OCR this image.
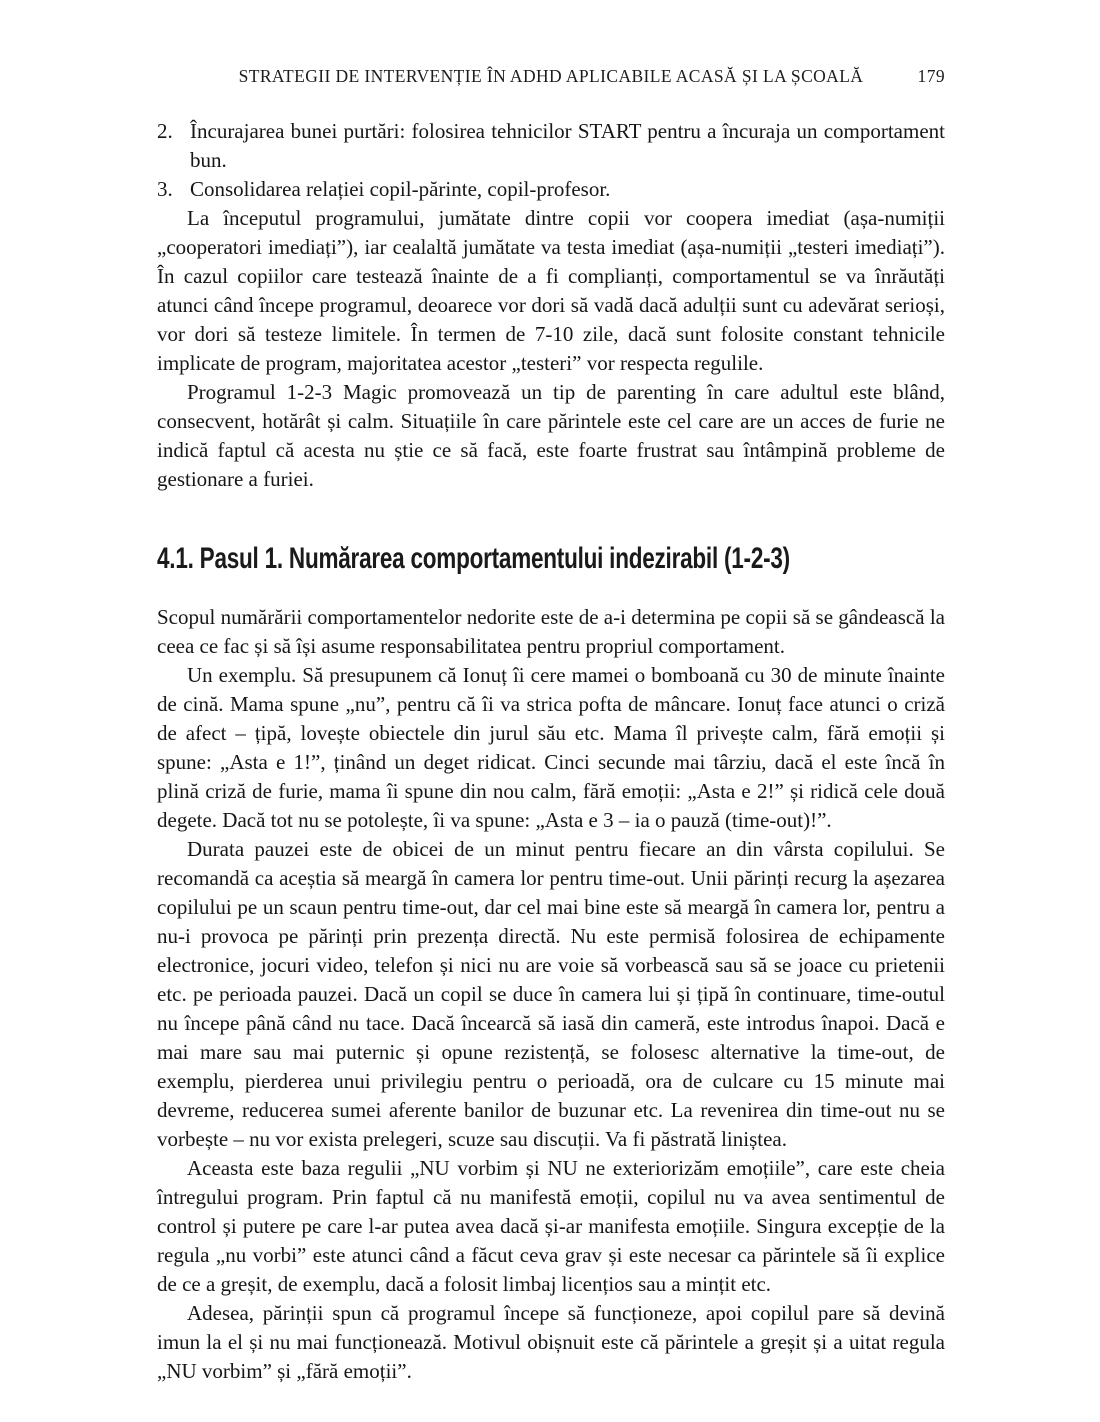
STRATEGII DE INTERVENȚIE ÎN ADHD APLICABILE ACASĂ ȘI LA ȘCOALĂ	179
2. Încurajarea bunei purtări: folosirea tehnicilor START pentru a încuraja un comportament bun.
3. Consolidarea relației copil-părinte, copil-profesor.

La începutul programului, jumătate dintre copii vor coopera imediat (așa-numiții „cooperatori imediați”), iar cealaltă jumătate va testa imediat (așa-numiții „testeri imediați”). În cazul copiilor care testează înainte de a fi complianți, comportamentul se va înrăutăți atunci când începe programul, deoarece vor dori să vadă dacă adulții sunt cu adevărat serioși, vor dori să testeze limitele. În termen de 7-10 zile, dacă sunt folosite constant tehnicile implicate de program, majoritatea acestor „testeri” vor respecta regulile.

Programul 1-2-3 Magic promovează un tip de parenting în care adultul este blând, consecvent, hotărât și calm. Situațiile în care părintele este cel care are un acces de furie ne indică faptul că acesta nu știe ce să facă, este foarte frustrat sau întâmpină probleme de gestionare a furiei.

4.1. Pasul 1. Numărarea comportamentului indezirabil (1-2-3)

Scopul numărării comportamentelor nedorite este de a-i determina pe copii să se gândească la ceea ce fac și să își asume responsabilitatea pentru propriul comportament.

Un exemplu. Să presupunem că Ionuț îi cere mamei o bomboană cu 30 de minute înainte de cină. Mama spune „nu”, pentru că îi va strica pofta de mâncare. Ionuț face atunci o criză de afect – țipă, lovește obiectele din jurul său etc. Mama îl privește calm, fără emoții și spune: „Asta e 1!”, ținând un deget ridicat. Cinci secunde mai târziu, dacă el este încă în plină criză de furie, mama îi spune din nou calm, fără emoții: „Asta e 2!” și ridică cele două degete. Dacă tot nu se potolește, îi va spune: „Asta e 3 – ia o pauză (time-out)!”.

Durata pauzei este de obicei de un minut pentru fiecare an din vârsta copilului. Se recomandă ca aceștia să meargă în camera lor pentru time-out. Unii părinți recurg la așezarea copilului pe un scaun pentru time-out, dar cel mai bine este să meargă în camera lor, pentru a nu-i provoca pe părinți prin prezența directă. Nu este permisă folosirea de echipamente electronice, jocuri video, telefon și nici nu are voie să vorbească sau să se joace cu prietenii etc. pe perioada pauzei. Dacă un copil se duce în camera lui și țipă în continuare, time-outul nu începe până când nu tace. Dacă încearcă să iasă din cameră, este introdus înapoi. Dacă e mai mare sau mai puternic și opune rezistență, se folosesc alternative la time-out, de exemplu, pierderea unui privilegiu pentru o perioadă, ora de culcare cu 15 minute mai devreme, reducerea sumei aferente banilor de buzunar etc. La revenirea din time-out nu se vorbește – nu vor exista prelegeri, scuze sau discuții. Va fi păstrată liniștea.

Aceasta este baza regulii „NU vorbim și NU ne exteriorizăm emoțiile”, care este cheia întregului program. Prin faptul că nu manifestă emoții, copilul nu va avea sentimentul de control și putere pe care l-ar putea avea dacă și-ar manifesta emoțiile. Singura excepție de la regula „nu vorbi” este atunci când a făcut ceva grav și este necesar ca părintele să îi explice de ce a greșit, de exemplu, dacă a folosit limbaj licențios sau a mințit etc.

Adesea, părinții spun că programul începe să funcționeze, apoi copilul pare să devină imun la el și nu mai funcționează. Motivul obișnuit este că părintele a greșit și a uitat regula „NU vorbim” și „fără emoții”.
